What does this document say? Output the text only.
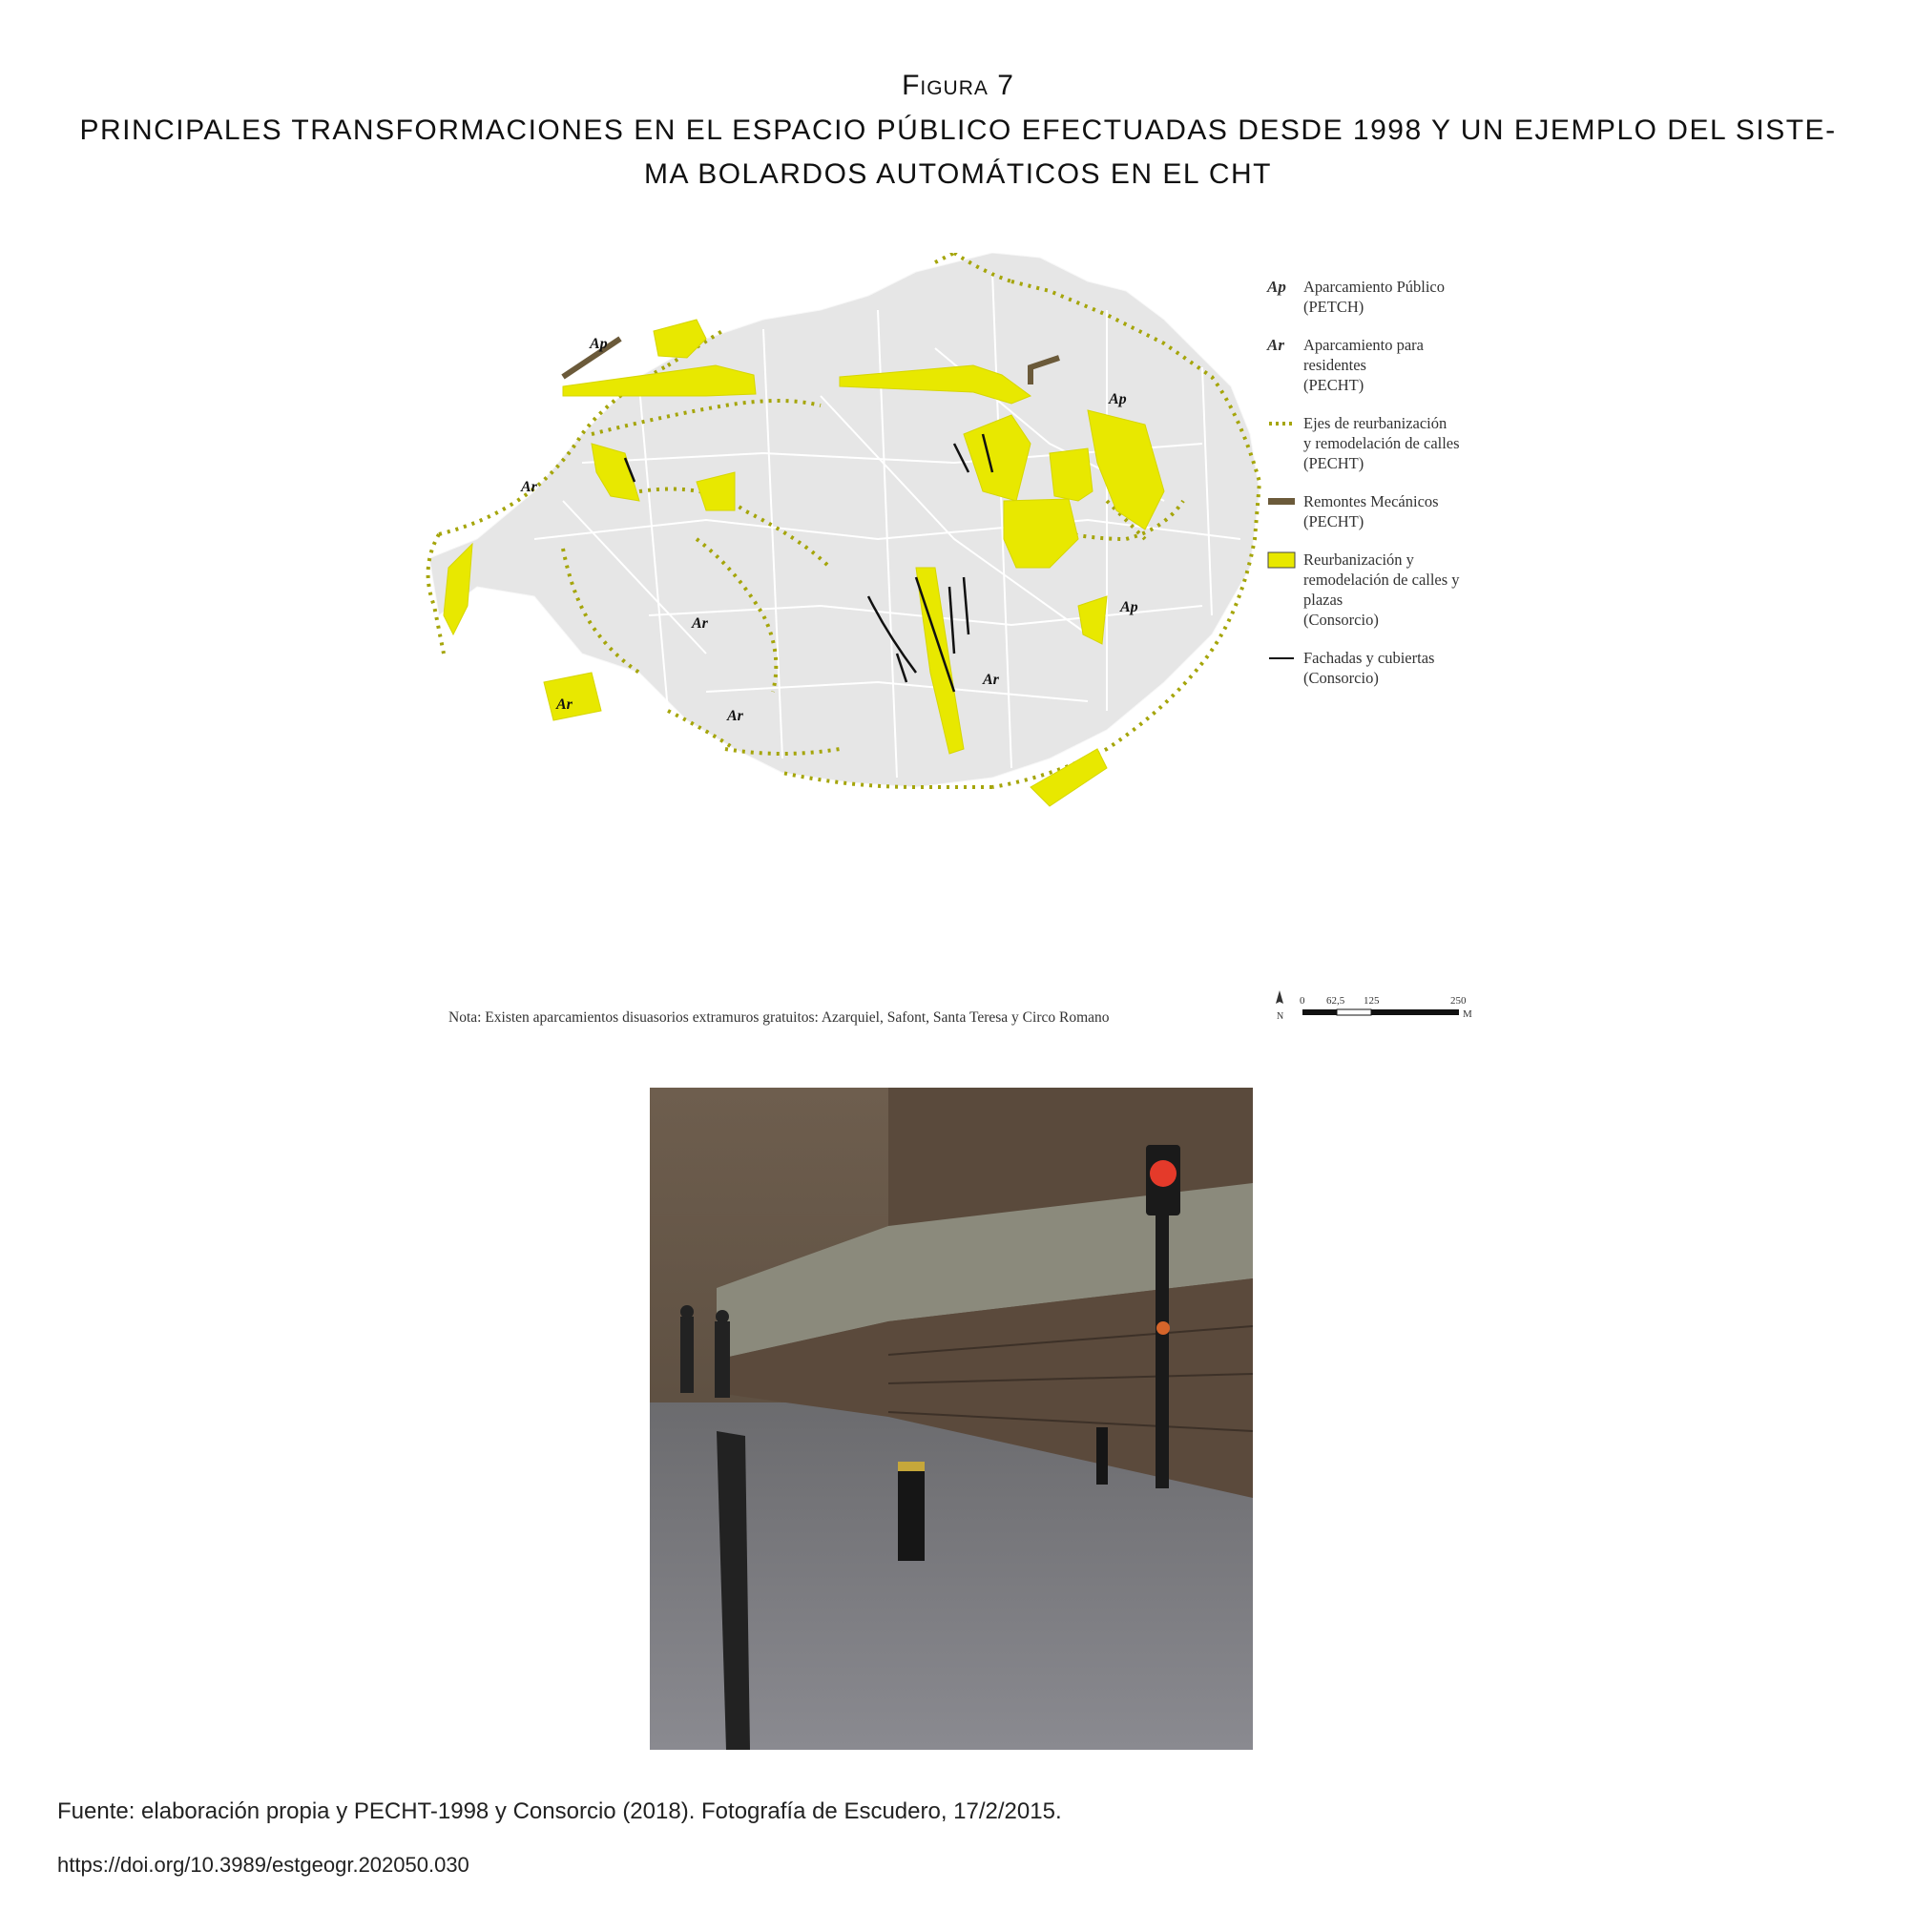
Figura 7
PRINCIPALES TRANSFORMACIONES EN EL ESPACIO PÚBLICO EFECTUADAS DESDE 1998 Y UN EJEMPLO DEL SISTE-MA BOLARDOS AUTOMÁTICOS EN EL CHT
Ap
Ap
Ap
Ar
Ar
Ar
Ar
Ar
Ap	Aparcamiento Público
(PETCH)
Ar	Aparcamiento para
residentes
(PECHT)
Ejes de reurbanización
y remodelación de calles
(PECHT)
Remontes Mecánicos
(PECHT)
Reurbanización y
remodelación de calles y
plazas
(Consorcio)
Fachadas y cubiertas
(Consorcio)
Nota: Existen aparcamientos disuasorios extramuros gratuitos: Azarquiel, Safont, Santa Teresa y Circo Romano	N
0 62,5 125	250
M
Fuente: elaboración propia y PECHT-1998 y Consorcio (2018). Fotografía de Escudero, 17/2/2015.
https://doi.org/10.3989/estgeogr.202050.030
